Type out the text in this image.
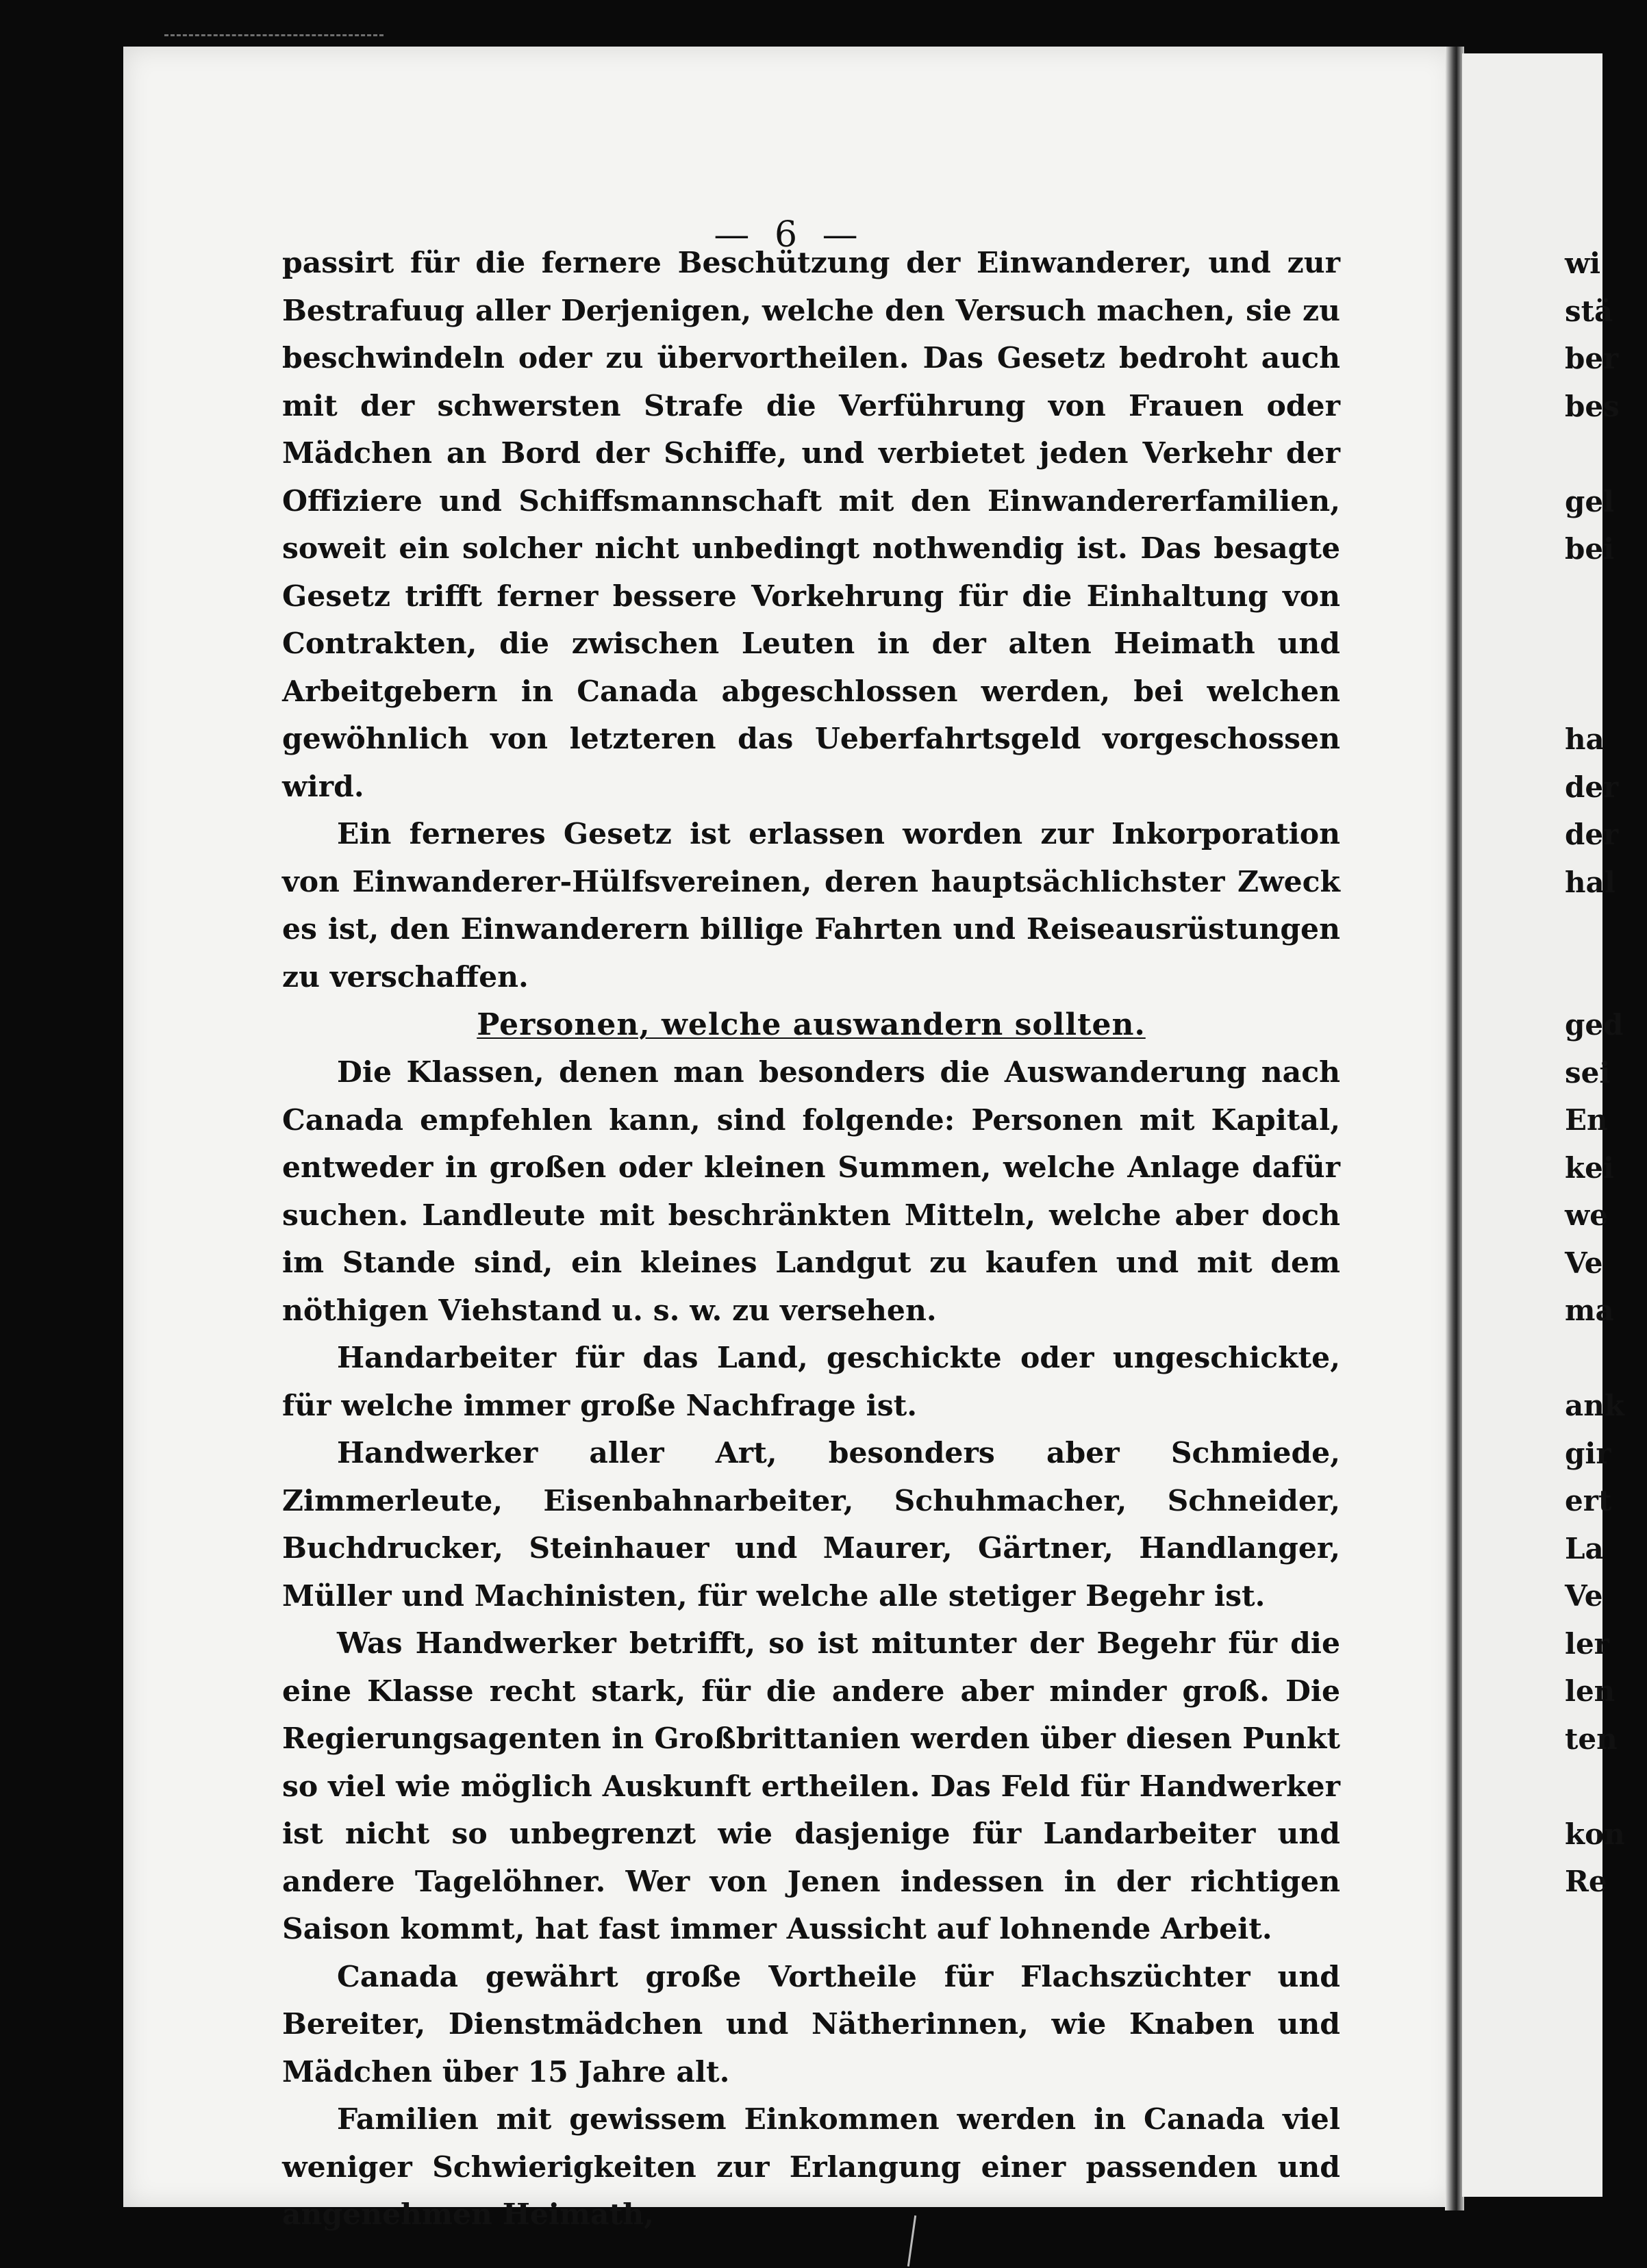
— 6 —

passirt für die fernere Beschützung der Einwanderer, und zur Bestrafuug aller Derjenigen, welche den Versuch machen, sie zu beschwindeln oder zu übervortheilen. Das Gesetz bedroht auch mit der schwersten Strafe die Verführung von Frauen oder Mädchen an Bord der Schiffe, und verbietet jeden Verkehr der Offiziere und Schiffsmannschaft mit den Einwandererfamilien, soweit ein solcher nicht unbedingt nothwendig ist. Das besagte Gesetz trifft ferner bessere Vorkehrung für die Einhaltung von Contrakten, die zwischen Leuten in der alten Heimath und Arbeitgebern in Canada abgeschlossen werden, bei welchen gewöhnlich von letzteren das Ueberfahrtsgeld vorgeschossen wird.

Ein ferneres Gesetz ist erlassen worden zur Inkorporation von Einwanderer-Hülfsvereinen, deren hauptsächlichster Zweck es ist, den Einwanderern billige Fahrten und Reiseausrüstungen zu verschaffen.

Personen, welche auswandern sollten.

Die Klassen, denen man besonders die Auswanderung nach Canada empfehlen kann, sind folgende: Personen mit Kapital, entweder in großen oder kleinen Summen, welche Anlage dafür suchen. Landleute mit beschränkten Mitteln, welche aber doch im Stande sind, ein kleines Landgut zu kaufen und mit dem nöthigen Viehstand u. s. w. zu versehen.

Handarbeiter für das Land, geschickte oder ungeschickte, für welche immer große Nachfrage ist.

Handwerker aller Art, besonders aber Schmiede, Zimmerleute, Eisenbahnarbeiter, Schuhmacher, Schneider, Buchdrucker, Steinhauer und Maurer, Gärtner, Handlanger, Müller und Machinisten, für welche alle stetiger Begehr ist.

Was Handwerker betrifft, so ist mitunter der Begehr für die eine Klasse recht stark, für die andere aber minder groß. Die Regierungsagenten in Großbrittanien werden über diesen Punkt so viel wie möglich Auskunft ertheilen. Das Feld für Handwerker ist nicht so unbegrenzt wie dasjenige für Landarbeiter und andere Tagelöhner. Wer von Jenen indessen in der richtigen Saison kommt, hat fast immer Aussicht auf lohnende Arbeit.

Canada gewährt große Vortheile für Flachszüchter und Bereiter, Dienstmädchen und Nätherinnen, wie Knaben und Mädchen über 15 Jahre alt.

Familien mit gewissem Einkommen werden in Canada viel weniger Schwierigkeiten zur Erlangung einer passenden und angenehmen Heimath,

wi
stä
ber
bes
gel
bei
ha
der
der
hal
ged
sei
En
kei
we
Ve
ma
ank
gir
ert
La
Ve
ler
len
ten
kon
Re
